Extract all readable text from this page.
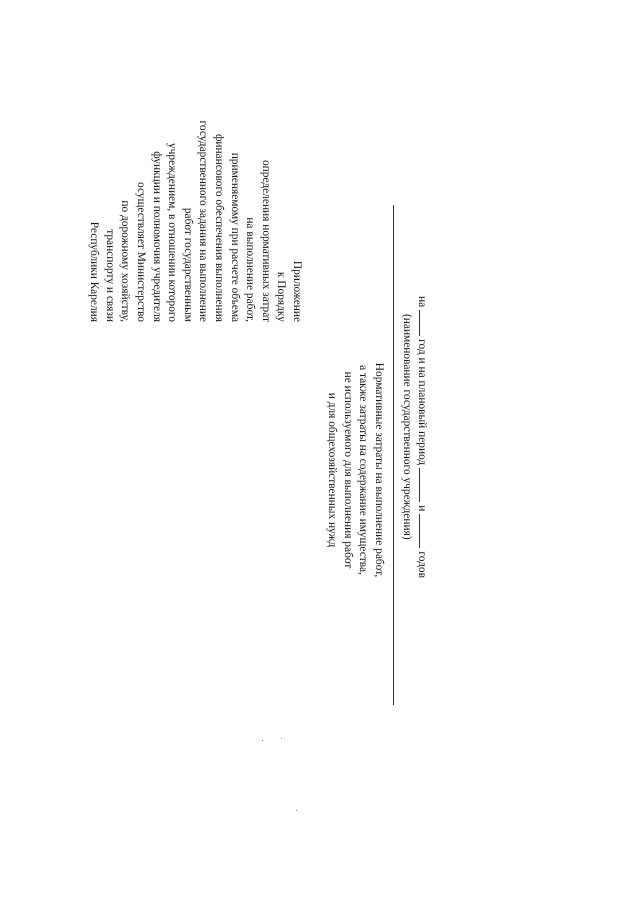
Приложение
к Порядку
определения нормативных затрат
на выполнение работ,
применяемому при расчете объема
финансового обеспечения выполнения
государственного задания на выполнение
работ государственным
учреждением, в отношении которого
функции и полномочия учредителя
осуществляет Министерство
по дорожному хозяйству,
транспорту и связи
Республики Карелия
Нормативные затраты на выполнение работ,
а также затраты на содержание имущества,
не используемого для выполнения работ
и для общехозяйственных нужд	(наименование государственного учреждения)
на
год и на плановый период
и
годов
